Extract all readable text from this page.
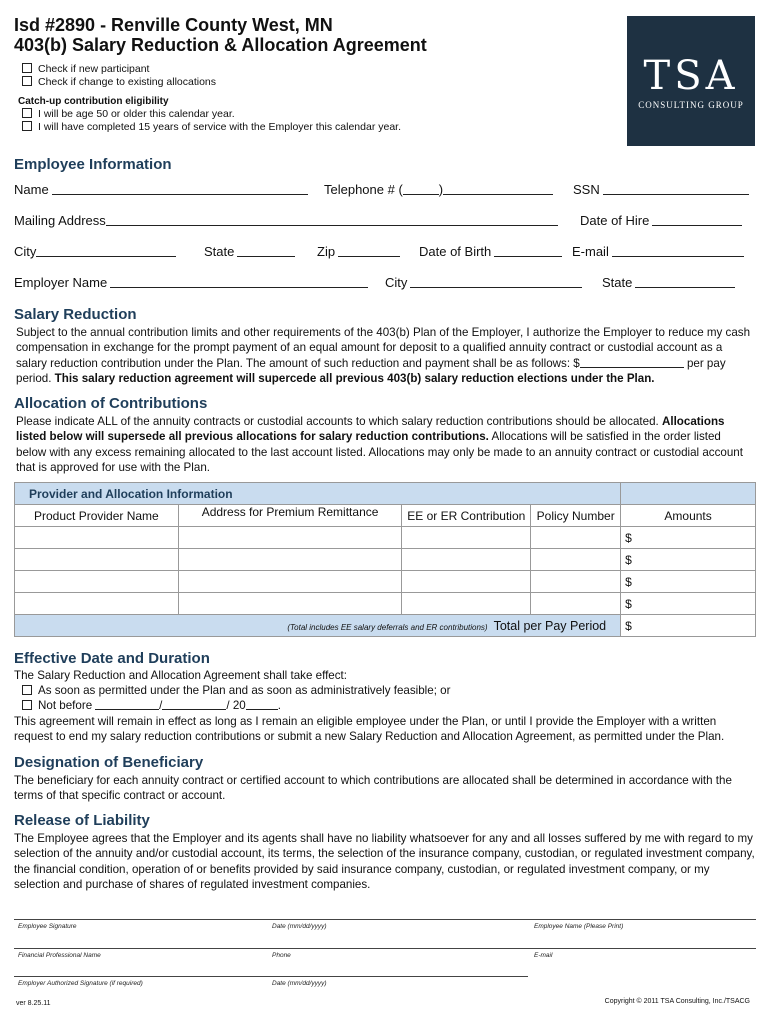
Isd #2890 - Renville County West, MN
403(b) Salary Reduction & Allocation Agreement
Check if new participant
Check if change to existing allocations
Catch-up contribution eligibility
I will be age 50 or older this calendar year.
I will have completed 15 years of service with the Employer this calendar year.
TSA
CONSULTING GROUP
Employee Information
Name	Telephone # (	)	SSN
Mailing Address	Date of Hire
City	State	Zip	Date of Birth	E-mail
Employer Name	City	State
Salary Reduction
Subject to the annual contribution limits and other requirements of the 403(b) Plan of the Employer, I authorize the Employer to reduce my cash compensation in exchange for the prompt payment of an equal amount for deposit to a qualified annuity contract or custodial account as a salary reduction contribution under the Plan. The amount of such reduction and payment shall be as follows: $	per pay period. This salary reduction agreement will supercede all previous 403(b) salary reduction elections under the Plan.
Allocation of Contributions
Please indicate ALL of the annuity contracts or custodial accounts to which salary reduction contributions should be allocated. Allocations listed below will supersede all previous allocations for salary reduction contributions. Allocations will be satisfied in the order listed below with any excess remaining allocated to the last account listed. Allocations may only be made to an annuity contract or custodial account that is approved for use with the Plan.
Provider and Allocation Information				
Product Provider Name	Address for Premium Remittance	EE or ER Contribution	Policy Number	Amounts
				$
				$
				$
				$
(Total includes EE salary deferrals and ER contributions) Total per Pay Period				$
Effective Date and Duration
The Salary Reduction and Allocation Agreement shall take effect:
As soon as permitted under the Plan and as soon as administratively feasible; or
Not before	/	/ 20	.
This agreement will remain in effect as long as I remain an eligible employee under the Plan, or until I provide the Employer with a written request to end my salary reduction contributions or submit a new Salary Reduction and Allocation Agreement, as permitted under the Plan.
Designation of Beneficiary
The beneficiary for each annuity contract or certified account to which contributions are allocated shall be determined in accordance with the terms of that specific contract or account.
Release of Liability
The Employee agrees that the Employer and its agents shall have no liability whatsoever for any and all losses suffered by me with regard to my selection of the annuity and/or custodial account, its terms, the selection of the insurance company, custodian, or regulated investment company, the financial condition, operation of or benefits provided by said insurance company, custodian, or regulated investment company, or my selection and purchase of shares of regulated investment companies.
Employee Signature	Date (mm/dd/yyyy)	Employee Name (Please Print)
Financial Professional Name	Phone	E-mail
Employer Authorized Signature (if required)	Date (mm/dd/yyyy)
ver 8.25.11	Copyright © 2011 TSA Consulting, Inc./TSACG
